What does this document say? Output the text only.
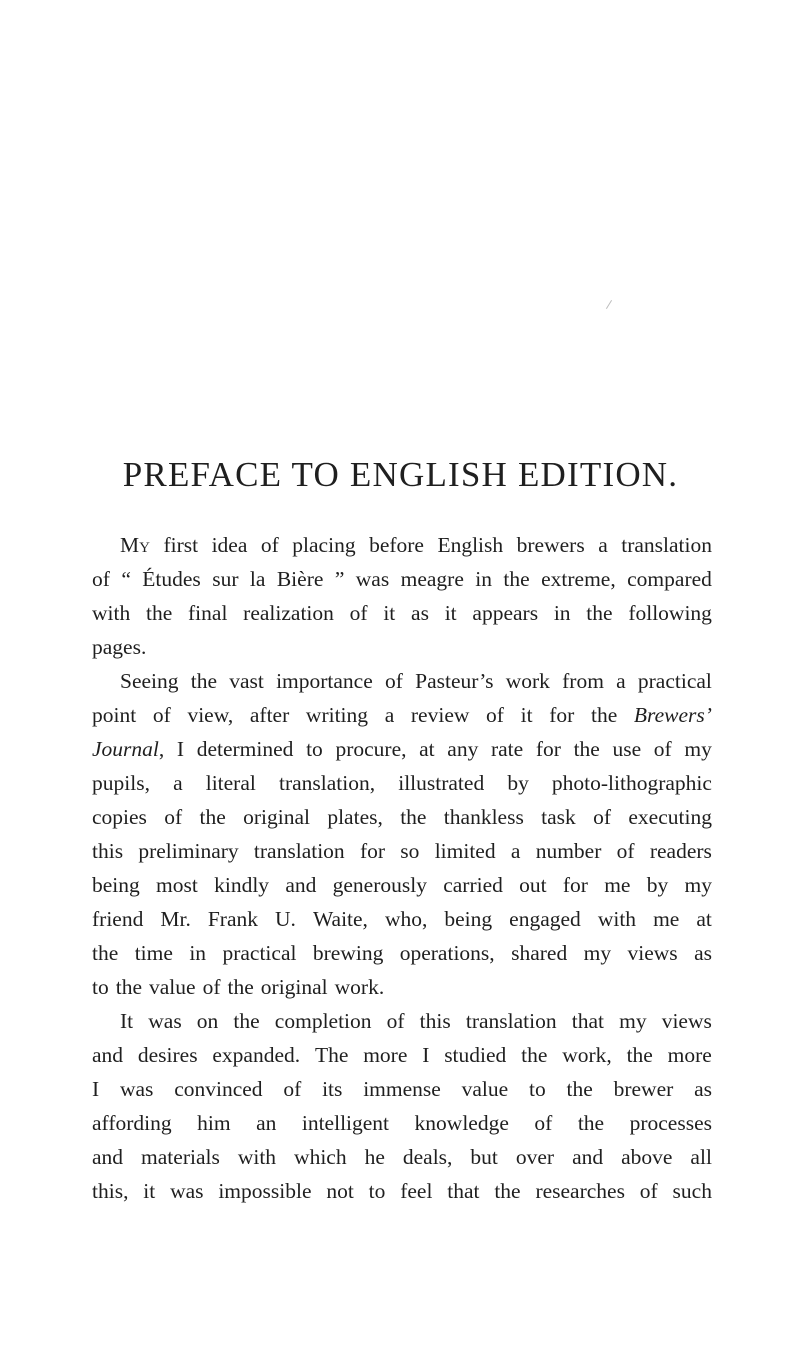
PREFACE TO ENGLISH EDITION.
My first idea of placing before English brewers a translation
of “ Études sur la Bière ” was meagre in the extreme, compared
with the final realization of it as it appears in the following
pages.
Seeing the vast importance of Pasteur’s work from a practical
point of view, after writing a review of it for the Brewers’
Journal, I determined to procure, at any rate for the use of my
pupils, a literal translation, illustrated by photo-lithographic
copies of the original plates, the thankless task of executing
this preliminary translation for so limited a number of readers
being most kindly and generously carried out for me by my
friend Mr. Frank U. Waite, who, being engaged with me at
the time in practical brewing operations, shared my views as
to the value of the original work.
It was on the completion of this translation that my views
and desires expanded. The more I studied the work, the more
I was convinced of its immense value to the brewer as
affording him an intelligent knowledge of the processes
and materials with which he deals, but over and above all
this, it was impossible not to feel that the researches of such
